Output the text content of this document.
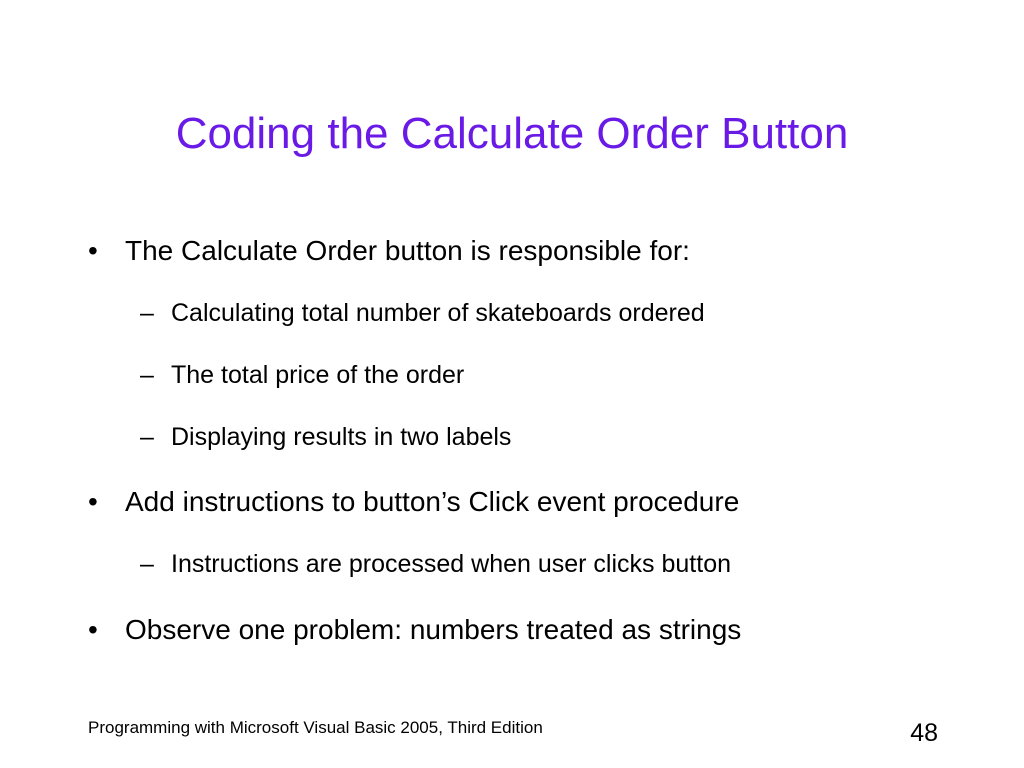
Coding the Calculate Order Button
• The Calculate Order button is responsible for:
– Calculating total number of skateboards ordered
– The total price of the order
– Displaying results in two labels
• Add instructions to button’s Click event procedure
– Instructions are processed when user clicks button
• Observe one problem: numbers treated as strings
Programming with Microsoft Visual Basic 2005, Third Edition	48
